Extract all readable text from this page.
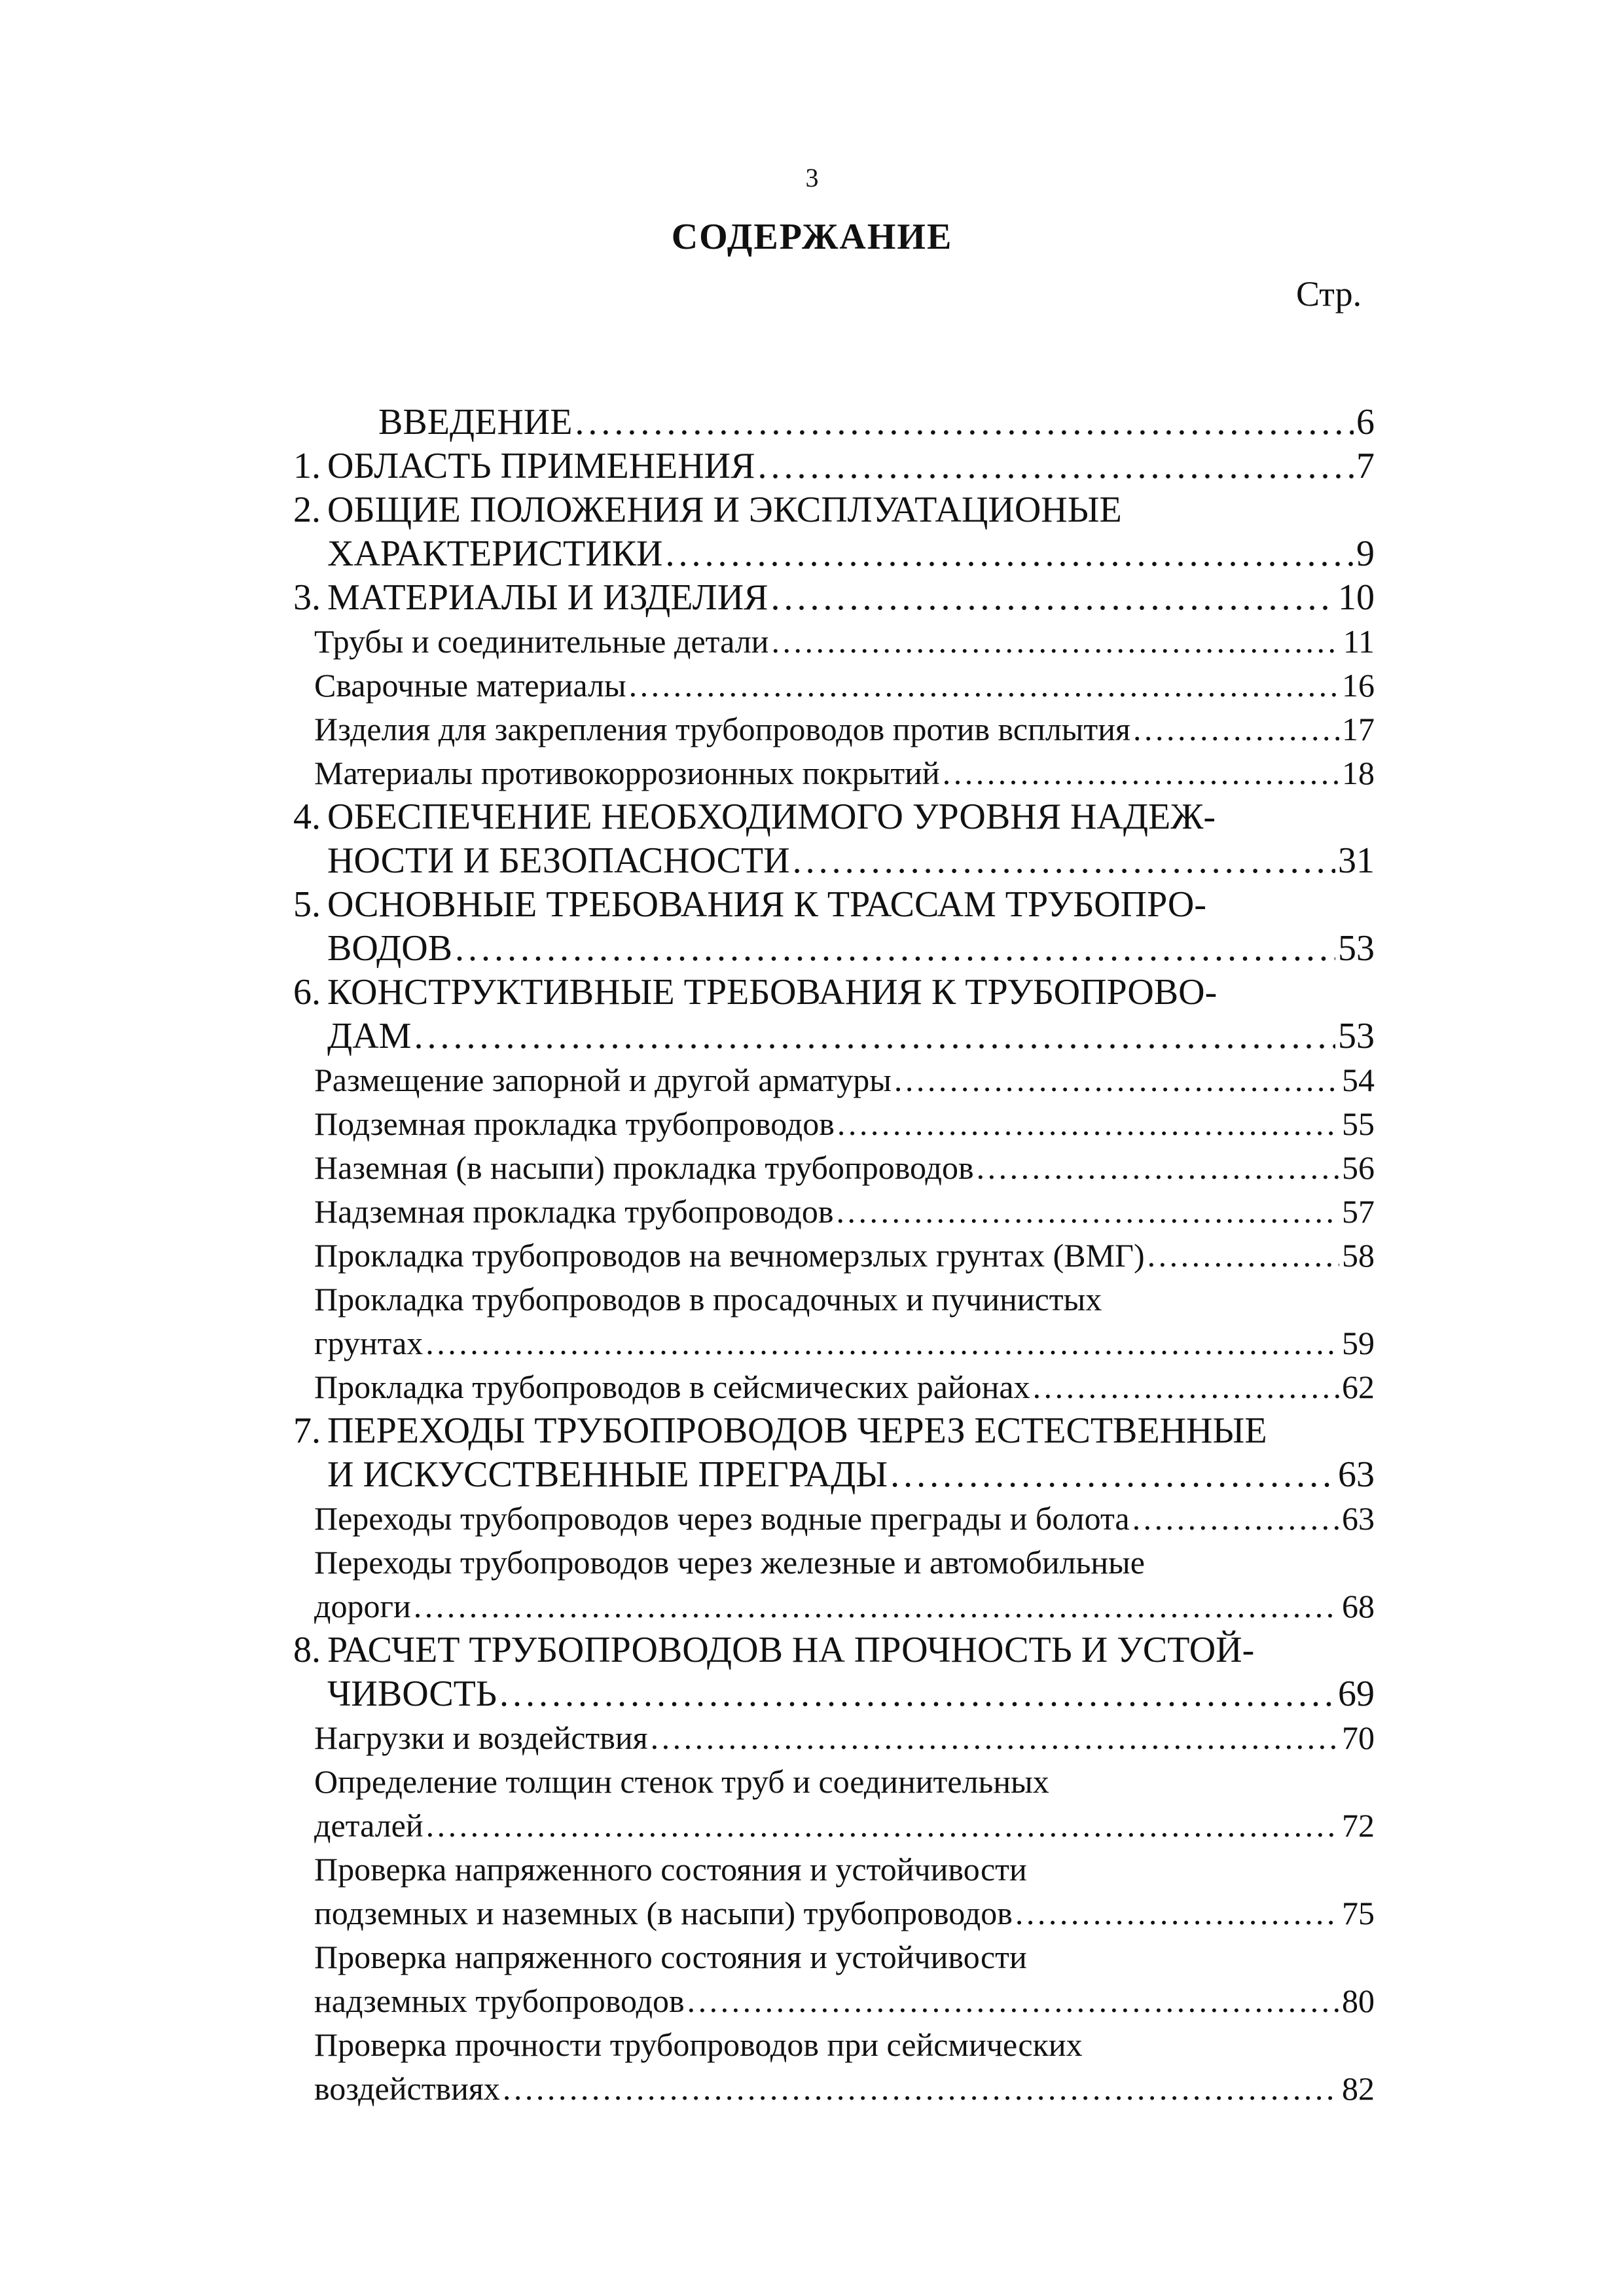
3
СОДЕРЖАНИЕ
Стр.
ВВЕДЕНИЕ . . .	6
1. ОБЛАСТЬ ПРИМЕНЕНИЯ . . .	7
2. ОБЩИЕ ПОЛОЖЕНИЯ И ЭКСПЛУАТАЦИОНЫЕ
ХАРАКТЕРИСТИКИ . . .	9
3. МАТЕРИАЛЫ И ИЗДЕЛИЯ . . .	10
Трубы и соединительные детали . . .	11
Сварочные материалы . . .	16
Изделия для закрепления трубопроводов против всплытия . . .	17
Материалы противокоррозионных покрытий . . .	18
4. ОБЕСПЕЧЕНИЕ НЕОБХОДИМОГО УРОВНЯ НАДЕЖ-
НОСТИ И БЕЗОПАСНОСТИ . . .	31
5. ОСНОВНЫЕ ТРЕБОВАНИЯ К ТРАССАМ ТРУБОПРО-
ВОДОВ . . .	53
6. КОНСТРУКТИВНЫЕ ТРЕБОВАНИЯ К ТРУБОПРОВО-
ДАМ . . .	53
Размещение запорной и другой арматуры . . .	54
Подземная прокладка трубопроводов . . .	55
Наземная (в насыпи) прокладка трубопроводов . . .	56
Надземная прокладка трубопроводов . . .	57
Прокладка трубопроводов на вечномерзлых грунтах (ВМГ) . . .	58
Прокладка трубопроводов в просадочных и пучинистых
грунтах . . .	59
Прокладка трубопроводов в сейсмических районах . . .	62
7. ПЕРЕХОДЫ ТРУБОПРОВОДОВ ЧЕРЕЗ ЕСТЕСТВЕННЫЕ
И ИСКУССТВЕННЫЕ ПРЕГРАДЫ . . .	63
Переходы трубопроводов через водные преграды и болота . . .	63
Переходы трубопроводов через железные и автомобильные
дороги . . .	68
8. РАСЧЕТ ТРУБОПРОВОДОВ НА ПРОЧНОСТЬ И УСТОЙ-
ЧИВОСТЬ . . .	69
Нагрузки и воздействия . . .	70
Определение толщин стенок труб и соединительных
деталей . . .	72
Проверка напряженного состояния и устойчивости
подземных и наземных (в насыпи) трубопроводов . . .	75
Проверка напряженного состояния и устойчивости
надземных трубопроводов . . .	80
Проверка прочности трубопроводов при сейсмических
воздействиях . . .	82
